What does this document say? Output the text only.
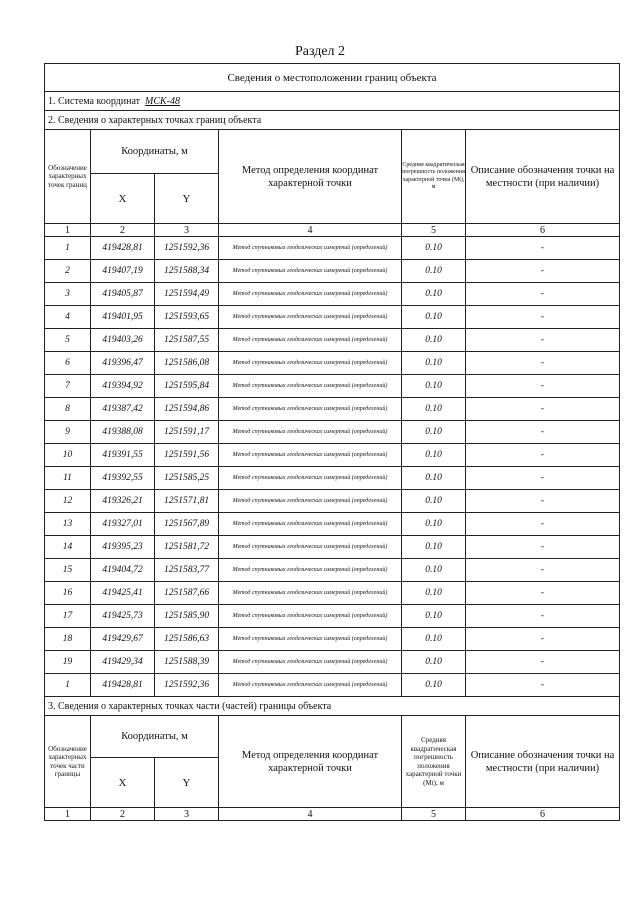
Раздел 2
Сведения о местоположении границ объекта					
1. Система координат МСК-48					
2. Сведения о характерных точках границ объекта					
Обозначение характерных точек границ	Координаты, м		Метод определения координат характерной точки	Средняя квадратическая погрешность положения характерной точки (Mt), м	Описание обозначения точки на местности (при наличии)
	X	Y			
1	2	3	4	5	6
1	419428,81	1251592,36	Метод спутниковых геодезических измерений (определений)	0.10	-
2	419407,19	1251588,34	Метод спутниковых геодезических измерений (определений)	0.10	-
3	419405,87	1251594,49	Метод спутниковых геодезических измерений (определений)	0.10	-
4	419401,95	1251593,65	Метод спутниковых геодезических измерений (определений)	0.10	-
5	419403,26	1251587,55	Метод спутниковых геодезических измерений (определений)	0.10	-
6	419396,47	1251586,08	Метод спутниковых геодезических измерений (определений)	0.10	-
7	419394,92	1251595,84	Метод спутниковых геодезических измерений (определений)	0.10	-
8	419387,42	1251594,86	Метод спутниковых геодезических измерений (определений)	0.10	-
9	419388,08	1251591,17	Метод спутниковых геодезических измерений (определений)	0.10	-
10	419391,55	1251591,56	Метод спутниковых геодезических измерений (определений)	0.10	-
11	419392,55	1251585,25	Метод спутниковых геодезических измерений (определений)	0.10	-
12	419326,21	1251571,81	Метод спутниковых геодезических измерений (определений)	0.10	-
13	419327,01	1251567,89	Метод спутниковых геодезических измерений (определений)	0.10	-
14	419395,23	1251581,72	Метод спутниковых геодезических измерений (определений)	0.10	-
15	419404,72	1251583,77	Метод спутниковых геодезических измерений (определений)	0.10	-
16	419425,41	1251587,66	Метод спутниковых геодезических измерений (определений)	0.10	-
17	419425,73	1251585,90	Метод спутниковых геодезических измерений (определений)	0.10	-
18	419429,67	1251586,63	Метод спутниковых геодезических измерений (определений)	0.10	-
19	419429,34	1251588,39	Метод спутниковых геодезических измерений (определений)	0.10	-
1	419428,81	1251592,36	Метод спутниковых геодезических измерений (определений)	0.10	-
3. Сведения о характерных точках части (частей) границы объекта					
Обозначение характерных точек части границы	Координаты, м		Метод определения координат характерной точки	Средняя квадратическая погрешность положения характерной точки (Mt), м	Описание обозначения точки на местности (при наличии)
	X	Y			
1	2	3	4	5	6
